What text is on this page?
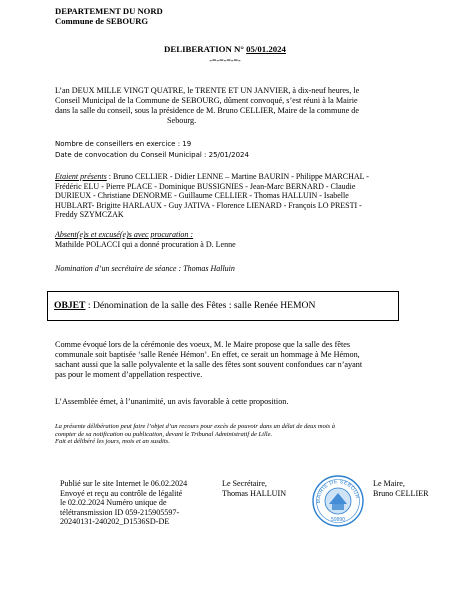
DEPARTEMENT DU NORD
Commune de SEBOURG
DELIBERATION N° 05/01.2024
-=-=-=-=-
L’an DEUX MILLE VINGT QUATRE, le TRENTE ET UN JANVIER, à dix-neuf heures, le
Conseil Municipal de la Commune de SEBOURG, dûment convoqué, s’est réuni à la Mairie
dans la salle du conseil, sous la présidence de M. Bruno CELLIER, Maire de la commune de
Sebourg.
Nombre de conseillers en exercice : 19
Date de convocation du Conseil Municipal : 25/01/2024
Etaient présents : Bruno CELLIER - Didier LENNE – Martine BAURIN - Philippe MARCHAL -
Frédéric ELU - Pierre PLACE - Dominique BUSSIGNIES - Jean-Marc BERNARD - Claudie
DURIEUX - Christiane DENORME - Guillaume CELLIER - Thomas HALLUIN - Isabelle
HUBLART- Brigitte HARLAUX - Guy JATIVA - Florence LIENARD - François LO PRESTI -
Freddy SZYMCZAK
Absent(e)s et excusé(e)s avec procuration :
Mathilde POLACCI qui a donné procuration à D. Lenne
Nomination d’un secrétaire de séance : Thomas Halluin
OBJET : Dénomination de la salle des Fêtes : salle Renée HEMON
Comme évoqué lors de la cérémonie des voeux, M. le Maire propose que la salle des fêtes
communale soit baptisée ‘salle Renée Hémon’. En effet, ce serait un hommage à Me Hémon,
sachant aussi que la salle polyvalente et la salle des fêtes sont souvent confondues car n’ayant
pas pour le moment d’appellation respective.
L’Assemblée émet, à l’unanimité, un avis favorable à cette proposition.
La présente délibération peut faire l’objet d’un recours pour excès de pouvoir dans un délai de deux mois à
compter de sa notification ou publication, devant le Tribunal Administratif de Lille.
Fait et délibéré les jours, mois et an susdits.
Publié sur le site Internet le 06.02.2024
Envoyé et reçu au contrôle de légalité
le 02.02.2024 Numéro unique de
télétransmission ID 059-215905597-
20240131-240202_D1536SD-DE
Le Secrétaire,
Thomas HALLUIN
MAIRIE DE SEBOUR
59990
Le Maire,
Bruno CELLIER
